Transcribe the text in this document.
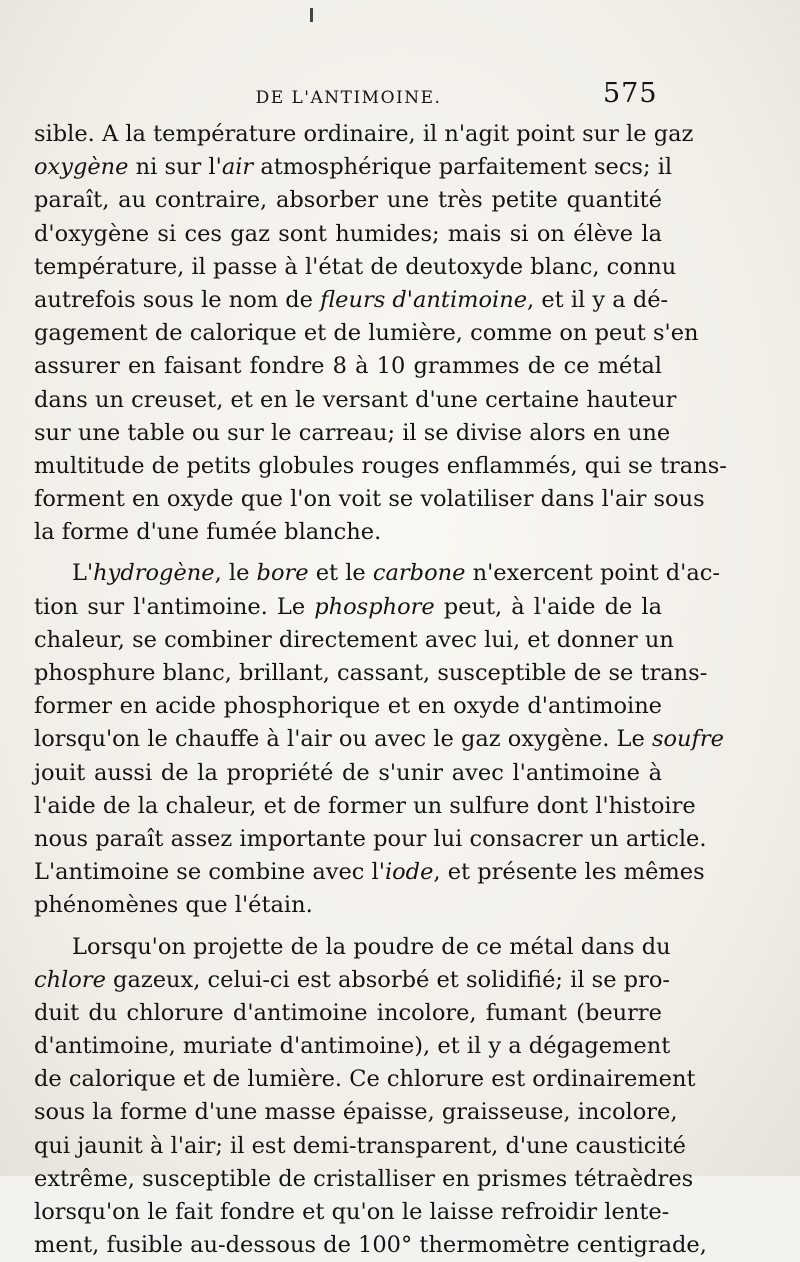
DE L'ANTIMOINE.	575
sible. A la température ordinaire, il n'agit point sur le gaz
oxygène ni sur l'air atmosphérique parfaitement secs; il
paraît, au contraire, absorber une très petite quantité
d'oxygène si ces gaz sont humides; mais si on élève la
température, il passe à l'état de deutoxyde blanc, connu
autrefois sous le nom de fleurs d'antimoine, et il y a dé-
gagement de calorique et de lumière, comme on peut s'en
assurer en faisant fondre 8 à 10 grammes de ce métal
dans un creuset, et en le versant d'une certaine hauteur
sur une table ou sur le carreau; il se divise alors en une
multitude de petits globules rouges enflammés, qui se trans-
forment en oxyde que l'on voit se volatiliser dans l'air sous
la forme d'une fumée blanche.
L'hydrogène, le bore et le carbone n'exercent point d'ac-
tion sur l'antimoine. Le phosphore peut, à l'aide de la
chaleur, se combiner directement avec lui, et donner un
phosphure blanc, brillant, cassant, susceptible de se trans-
former en acide phosphorique et en oxyde d'antimoine
lorsqu'on le chauffe à l'air ou avec le gaz oxygène. Le soufre
jouit aussi de la propriété de s'unir avec l'antimoine à
l'aide de la chaleur, et de former un sulfure dont l'histoire
nous paraît assez importante pour lui consacrer un article.
L'antimoine se combine avec l'iode, et présente les mêmes
phénomènes que l'étain.
Lorsqu'on projette de la poudre de ce métal dans du
chlore gazeux, celui-ci est absorbé et solidifié; il se pro-
duit du chlorure d'antimoine incolore, fumant (beurre
d'antimoine, muriate d'antimoine), et il y a dégagement
de calorique et de lumière. Ce chlorure est ordinairement
sous la forme d'une masse épaisse, graisseuse, incolore,
qui jaunit à l'air; il est demi-transparent, d'une causticité
extrême, susceptible de cristalliser en prismes tétraèdres
lorsqu'on le fait fondre et qu'on le laisse refroidir lente-
ment, fusible au-dessous de 100° thermomètre centigrade,
